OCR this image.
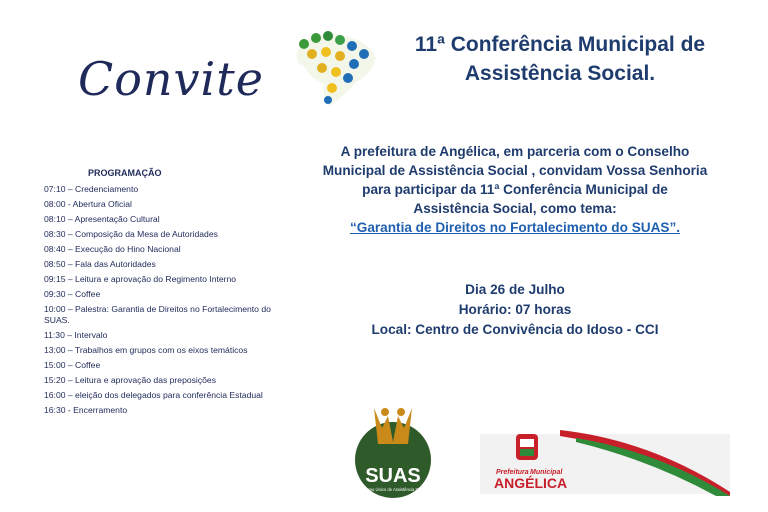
Convite
11ª Conferência Municipal de
Assistência Social.
PROGRAMAÇÃO
07:10 – Credenciamento
08:00 - Abertura Oficial
08:10 – Apresentação Cultural
08:30 – Composição da Mesa de Autoridades
08:40 – Execução do Hino Nacional
08:50 – Fala das Autoridades
09:15 – Leitura e aprovação do Regimento Interno
09:30 – Coffee
10:00 – Palestra: Garantia de Direitos no Fortalecimento do SUAS.
11:30 – Intervalo
13:00 – Trabalhos em grupos com os eixos temáticos
15:00 – Coffee
15:20 – Leitura e aprovação das preposições
16:00 – eleição dos delegados para conferência Estadual
16:30 - Encerramento
A prefeitura de Angélica, em parceria com o Conselho
Municipal de Assistência Social , convidam Vossa Senhoria
para participar da 11ª Conferência Municipal de
Assistência Social, como tema:
“Garantia de Direitos no Fortalecimento do SUAS”.
Dia 26 de Julho
Horário: 07 horas
Local: Centro de Convivência do Idoso - CCI
SUAS
Sistema Único de Assistência Social
Prefeitura Municipal
ANGÉLICA
